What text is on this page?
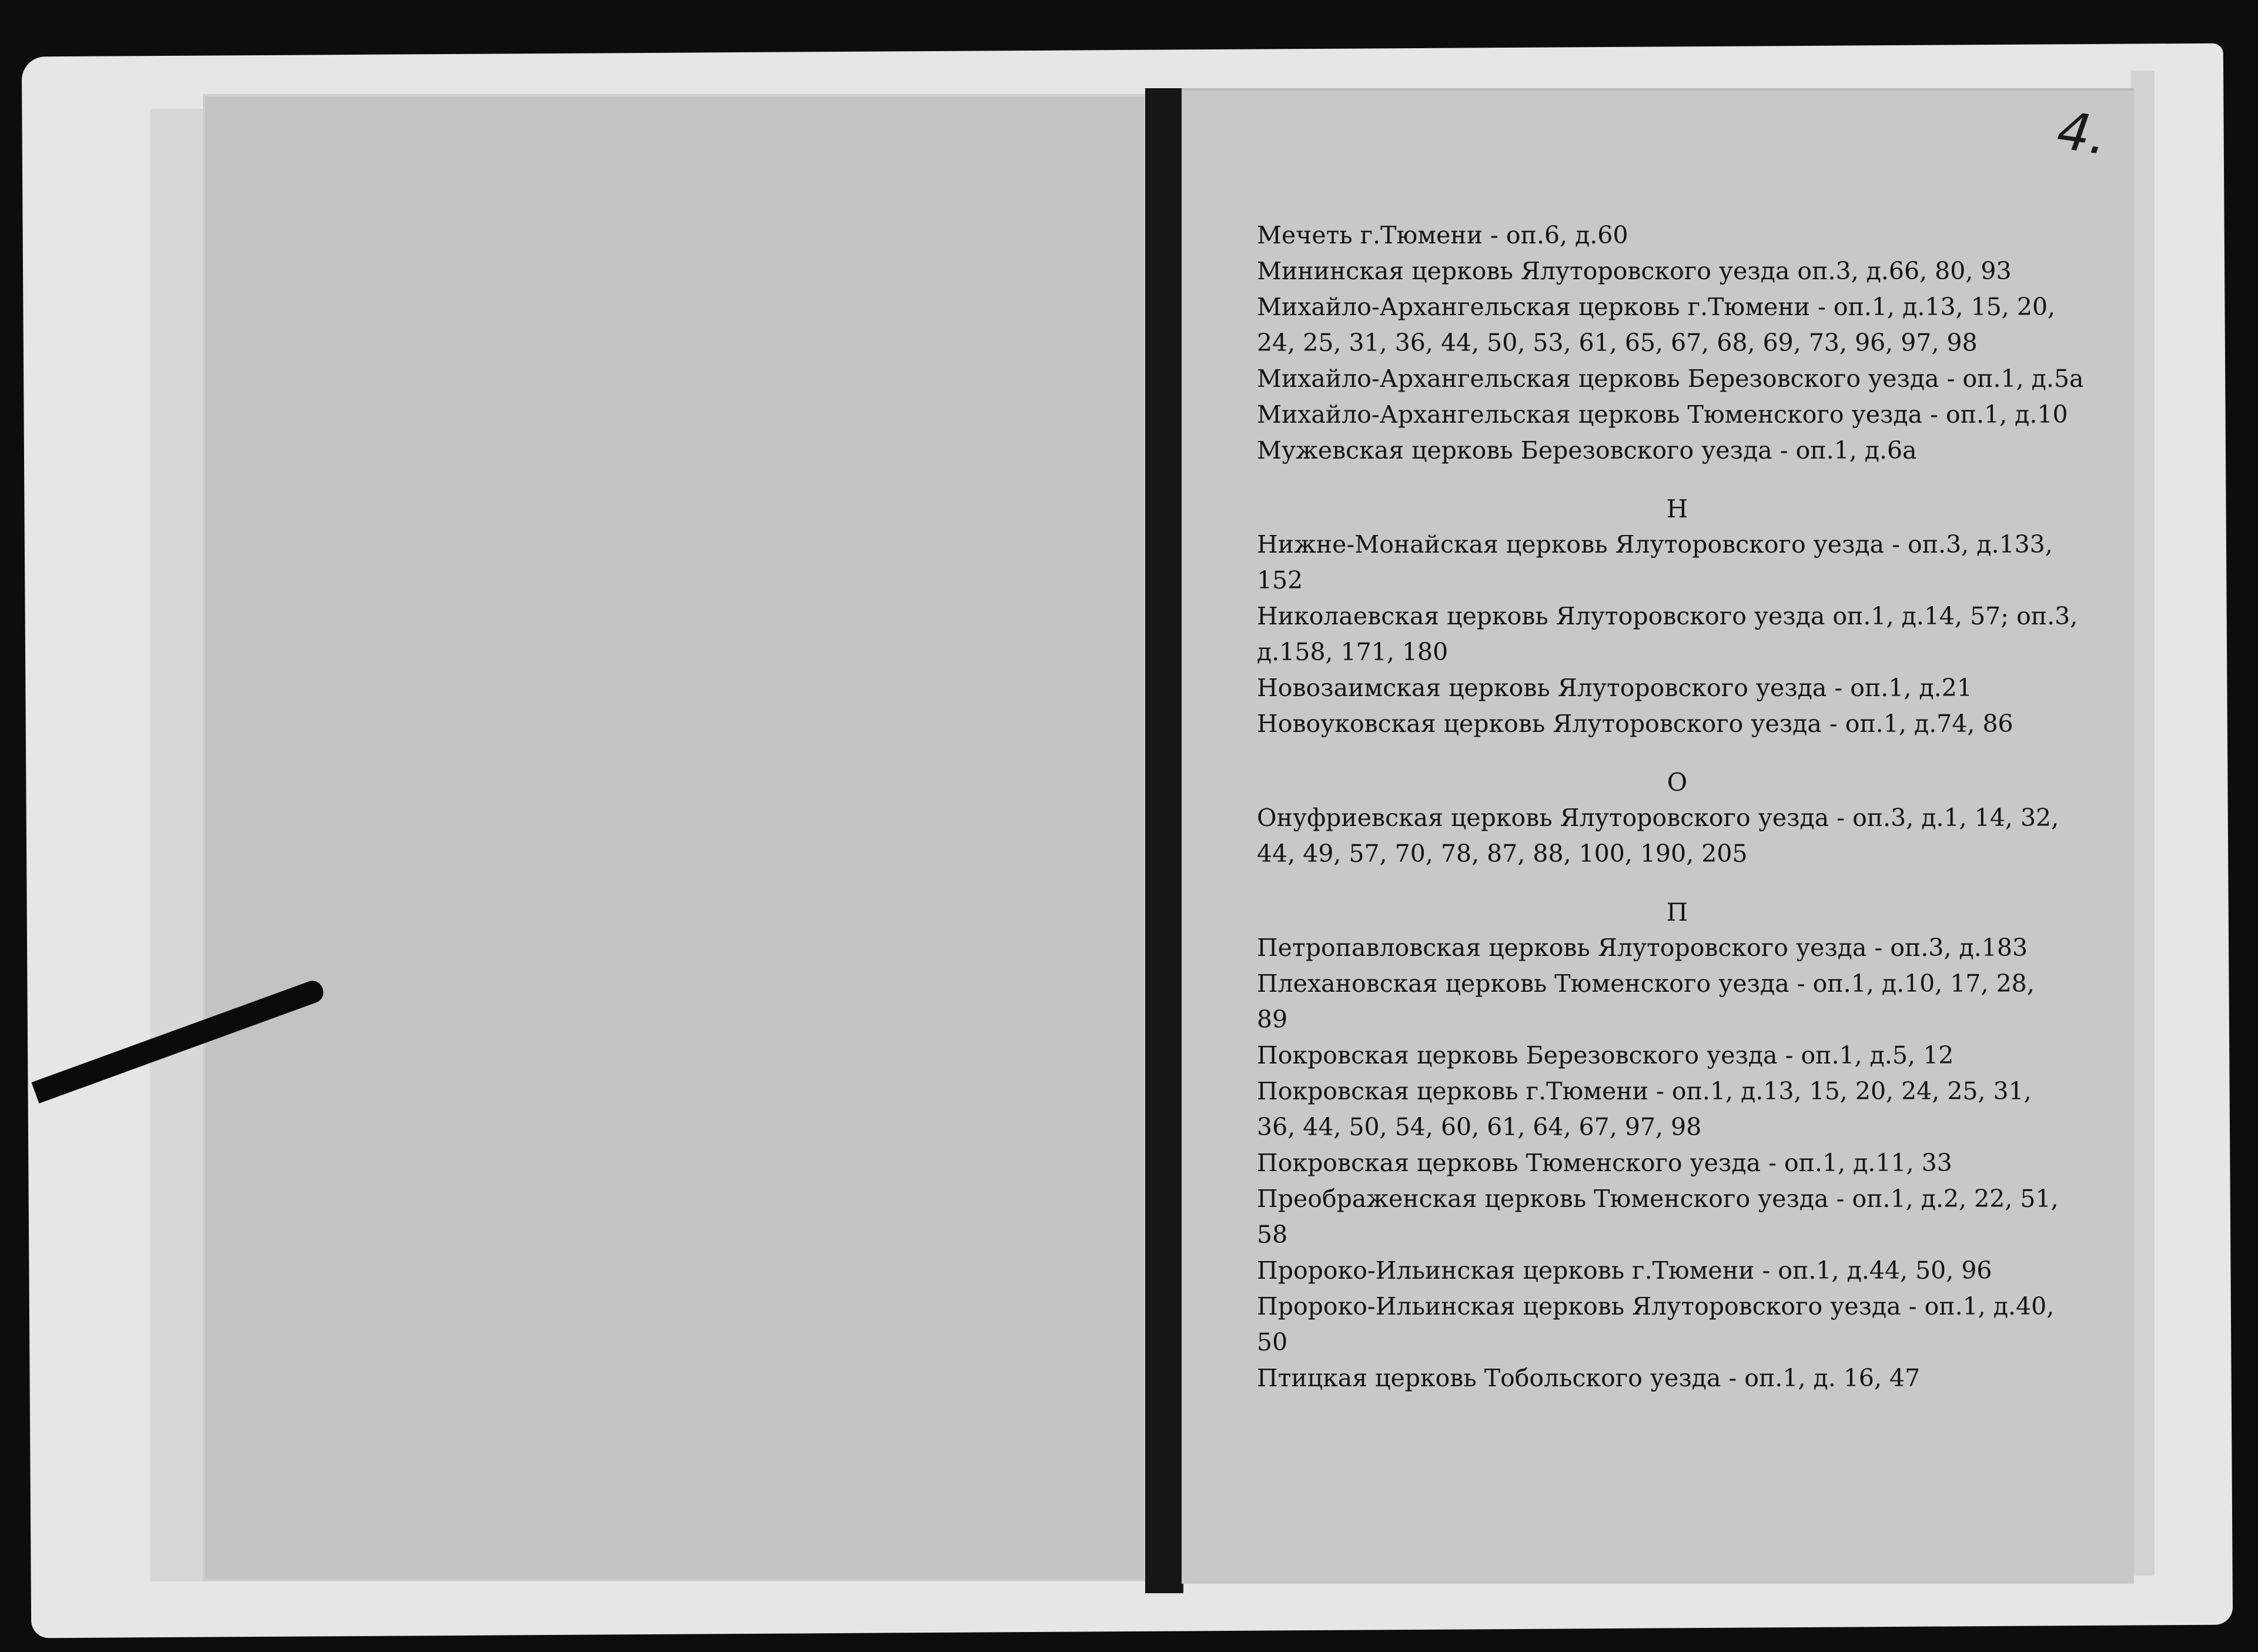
4.
Мечеть г.Тюмени - оп.6, д.60
Мининская церковь Ялуторовского уезда оп.3, д.66, 80, 93
Михайло-Архангельская церковь г.Тюмени - оп.1, д.13, 15, 20,
24, 25, 31, 36, 44, 50, 53, 61, 65, 67, 68, 69, 73, 96, 97, 98
Михайло-Архангельская церковь Березовского уезда - оп.1, д.5а
Михайло-Архангельская церковь Тюменского уезда - оп.1, д.10
Мужевская церковь Березовского уезда - оп.1, д.6а
Н
Нижне-Монайская церковь Ялуторовского уезда - оп.3, д.133,
152
Николаевская церковь Ялуторовского уезда оп.1, д.14, 57; оп.3,
д.158, 171, 180
Новозаимская церковь Ялуторовского уезда - оп.1, д.21
Новоуковская церковь Ялуторовского уезда - оп.1, д.74, 86
О
Онуфриевская церковь Ялуторовского уезда - оп.3, д.1, 14, 32,
44, 49, 57, 70, 78, 87, 88, 100, 190, 205
П
Петропавловская церковь Ялуторовского уезда - оп.3, д.183
Плехановская церковь Тюменского уезда - оп.1, д.10, 17, 28,
89
Покровская церковь Березовского уезда - оп.1, д.5, 12
Покровская церковь г.Тюмени - оп.1, д.13, 15, 20, 24, 25, 31,
36, 44, 50, 54, 60, 61, 64, 67, 97, 98
Покровская церковь Тюменского уезда - оп.1, д.11, 33
Преображенская церковь Тюменского уезда - оп.1, д.2, 22, 51,
58
Пророко-Ильинская церковь г.Тюмени - оп.1, д.44, 50, 96
Пророко-Ильинская церковь Ялуторовского уезда - оп.1, д.40,
50
Птицкая церковь Тобольского уезда - оп.1, д. 16, 47
